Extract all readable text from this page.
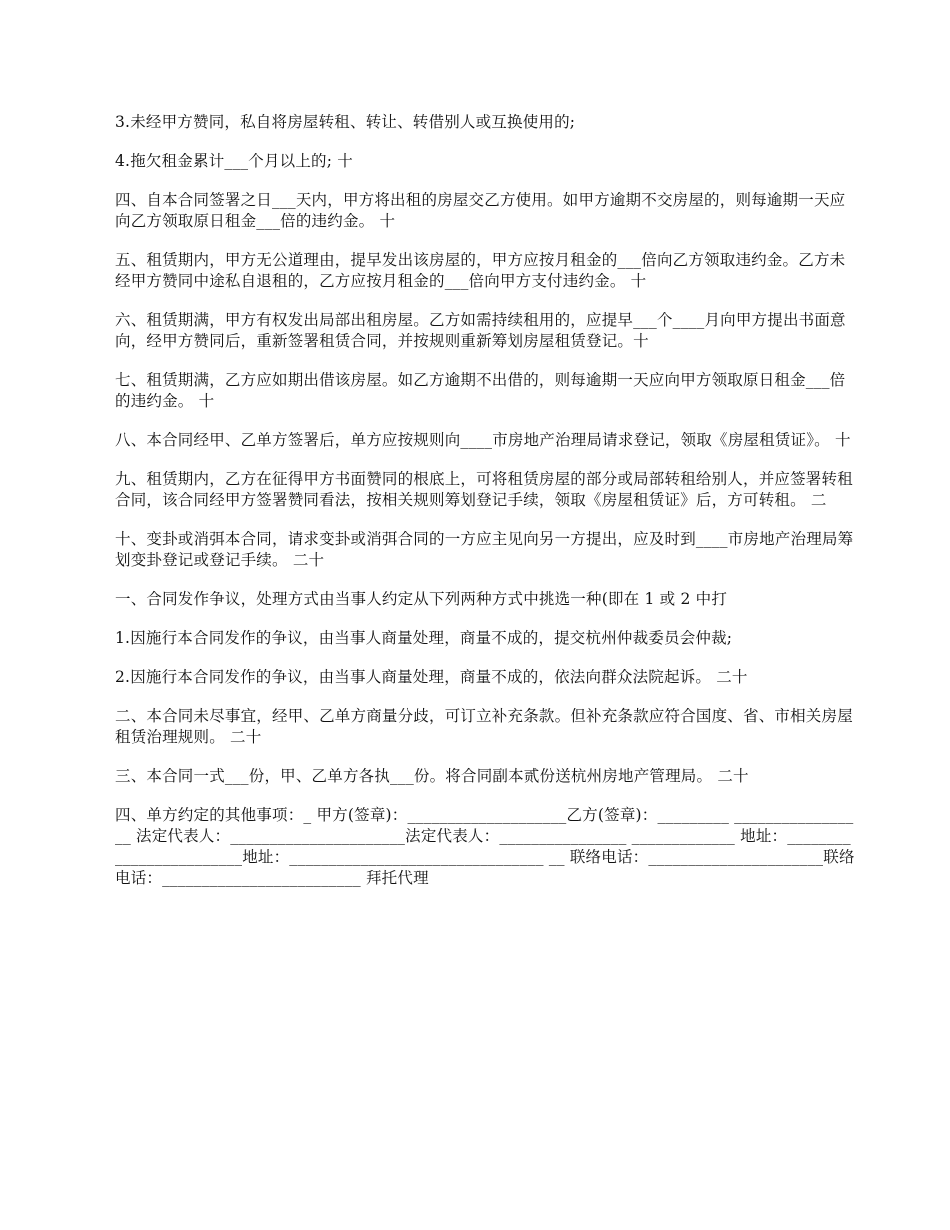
3.未经甲方赞同，私自将房屋转租、转让、转借别人或互换使用的;

4.拖欠租金累计___个月以上的; 十

四、自本合同签署之日___天内，甲方将出租的房屋交乙方使用。如甲方逾期不交房屋的，则每逾期一天应向乙方领取原日租金___倍的违约金。 十

五、租赁期内，甲方无公道理由，提早发出该房屋的，甲方应按月租金的___倍向乙方领取违约金。乙方未经甲方赞同中途私自退租的，乙方应按月租金的___倍向甲方支付违约金。 十

六、租赁期满，甲方有权发出局部出租房屋。乙方如需持续租用的，应提早___个____月向甲方提出书面意向，经甲方赞同后，重新签署租赁合同，并按规则重新筹划房屋租赁登记。十

七、租赁期满，乙方应如期出借该房屋。如乙方逾期不出借的，则每逾期一天应向甲方领取原日租金___倍的违约金。 十

八、本合同经甲、乙单方签署后，单方应按规则向____市房地产治理局请求登记，领取《房屋租赁证》。 十

九、租赁期内，乙方在征得甲方书面赞同的根底上，可将租赁房屋的部分或局部转租给别人，并应签署转租合同，该合同经甲方签署赞同看法，按相关规则筹划登记手续，领取《房屋租赁证》后，方可转租。 二

十、变卦或消弭本合同，请求变卦或消弭合同的一方应主见向另一方提出，应及时到____市房地产治理局筹划变卦登记或登记手续。 二十

一、合同发作争议，处理方式由当事人约定从下列两种方式中挑选一种(即在 1 或 2 中打

1.因施行本合同发作的争议，由当事人商量处理，商量不成的，提交杭州仲裁委员会仲裁;

2.因施行本合同发作的争议，由当事人商量处理，商量不成的，依法向群众法院起诉。 二十

二、本合同未尽事宜，经甲、乙单方商量分歧，可订立补充条款。但补充条款应符合国度、省、市相关房屋租赁治理规则。 二十

三、本合同一式___份，甲、乙单方各执___份。将合同副本贰份送杭州房地产管理局。 二十

四、单方约定的其他事项：_ 甲方(签章)：____________________乙方(签章)：_________ _________________ 法定代表人：______________________法定代表人：________________ _____________ 地址：________________________地址：________________________________ __ 联络电话：______________________联络电话：_________________________ 拜托代理
